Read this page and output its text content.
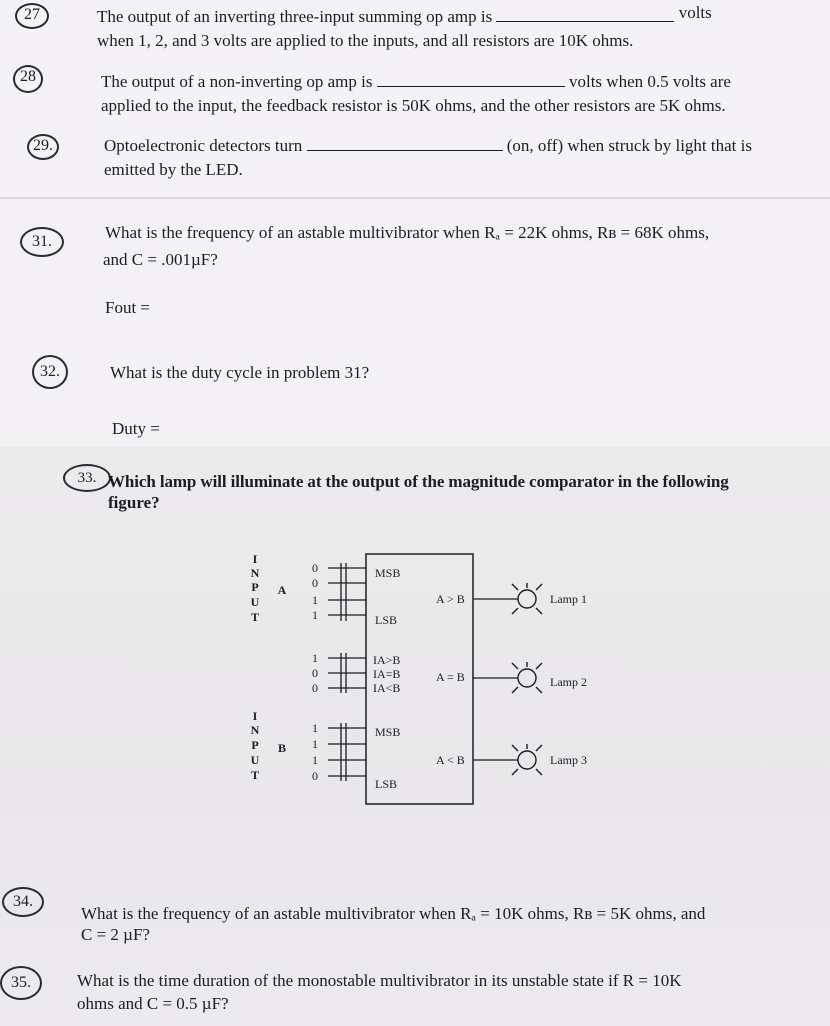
27	The output of an inverting three-input summing op amp is	volts
when 1, 2, and 3 volts are applied to the inputs, and all resistors are 10K ohms.
28	The output of a non-inverting op amp is	volts when 0.5 volts are
applied to the input, the feedback resistor is 50K ohms, and the other resistors are 5K ohms.
29.	Optoelectronic detectors turn	(on, off) when struck by light that is
emitted by the LED.
31.	What is the frequency of an astable multivibrator when Rₐ = 22K ohms, Rʙ = 68K ohms,
and C = .001µF?
Fout =
32.	What is the duty cycle in problem 31?
Duty =
33. Which lamp will illuminate at the output of the magnitude comparator in the following
figure?
I
N
P
U
T
A
0
0
1
1
1
0
0
I
N
P
U
T
B
1
1
1
0
MSB
LSB
IA>B
IA=B
IA<B
MSB
LSB
A > B
A = B
A < B
Lamp 1
Lamp 2
Lamp 3
34.
What is the frequency of an astable multivibrator when Rₐ = 10K ohms, Rʙ = 5K ohms, and
C = 2 µF?
35.	What is the time duration of the monostable multivibrator in its unstable state if R = 10K
ohms and C = 0.5 µF?
